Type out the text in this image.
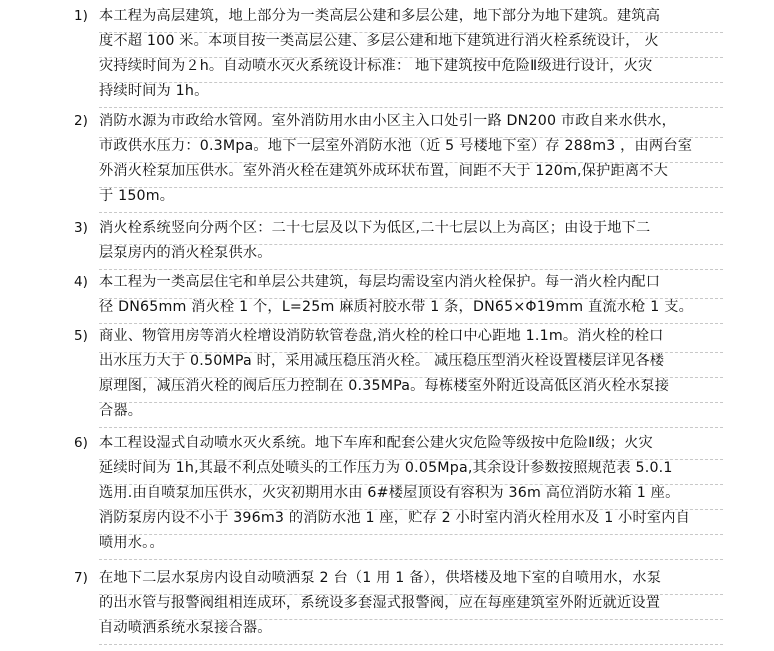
1) 本工程为高层建筑，地上部分为一类高层公建和多层公建，地下部分为地下建筑。建筑高
度不超 100 米。本项目按一类高层公建、多层公建和地下建筑进行消火栓系统设计， 火
灾持续时间为２h。自动喷水灭火系统设计标准： 地下建筑按中危险Ⅱ级进行设计，火灾
持续时间为 1h。
2) 消防水源为市政给水管网。室外消防用水由小区主入口处引一路 DN200 市政自来水供水，
市政供水压力：0.3Mpa。地下一层室外消防水池（近 5 号楼地下室）存 288m3 ，由两台室
外消火栓泵加压供水。室外消火栓在建筑外成环状布置，间距不大于 120m,保护距离不大
于 150m。
3) 消火栓系统竖向分两个区：二十七层及以下为低区,二十七层以上为高区；由设于地下二
层泵房内的消火栓泵供水。
4) 本工程为一类高层住宅和单层公共建筑，每层均需设室内消火栓保护。每一消火栓内配口
径 DN65mm 消火栓 1 个，L=25m 麻质衬胶水带 1 条，DN65×Φ19mm 直流水枪 1 支。
5) 商业、物管用房等消火栓增设消防软管卷盘,消火栓的栓口中心距地 1.1m。消火栓的栓口
出水压力大于 0.50MPa 时，采用减压稳压消火栓。 减压稳压型消火栓设置楼层详见各楼
原理图，减压消火栓的阀后压力控制在 0.35MPa。每栋楼室外附近设高低区消火栓水泵接
合器。
6) 本工程设湿式自动喷水灭火系统。地下车库和配套公建火灾危险等级按中危险Ⅱ级；火灾
延续时间为 1h,其最不利点处喷头的工作压力为 0.05Mpa,其余设计参数按照规范表 5.0.1
选用.由自喷泵加压供水，火灾初期用水由 6#楼屋顶设有容积为 36m 高位消防水箱 1 座。
消防泵房内设不小于 396m3 的消防水池 1 座，贮存 2 小时室内消火栓用水及 1 小时室内自
喷用水。。
7) 在地下二层水泵房内设自动喷洒泵 2 台（1 用 1 备），供塔楼及地下室的自喷用水，水泵
的出水管与报警阀组相连成环，系统设多套湿式报警阀，应在每座建筑室外附近就近设置
自动喷洒系统水泵接合器。
